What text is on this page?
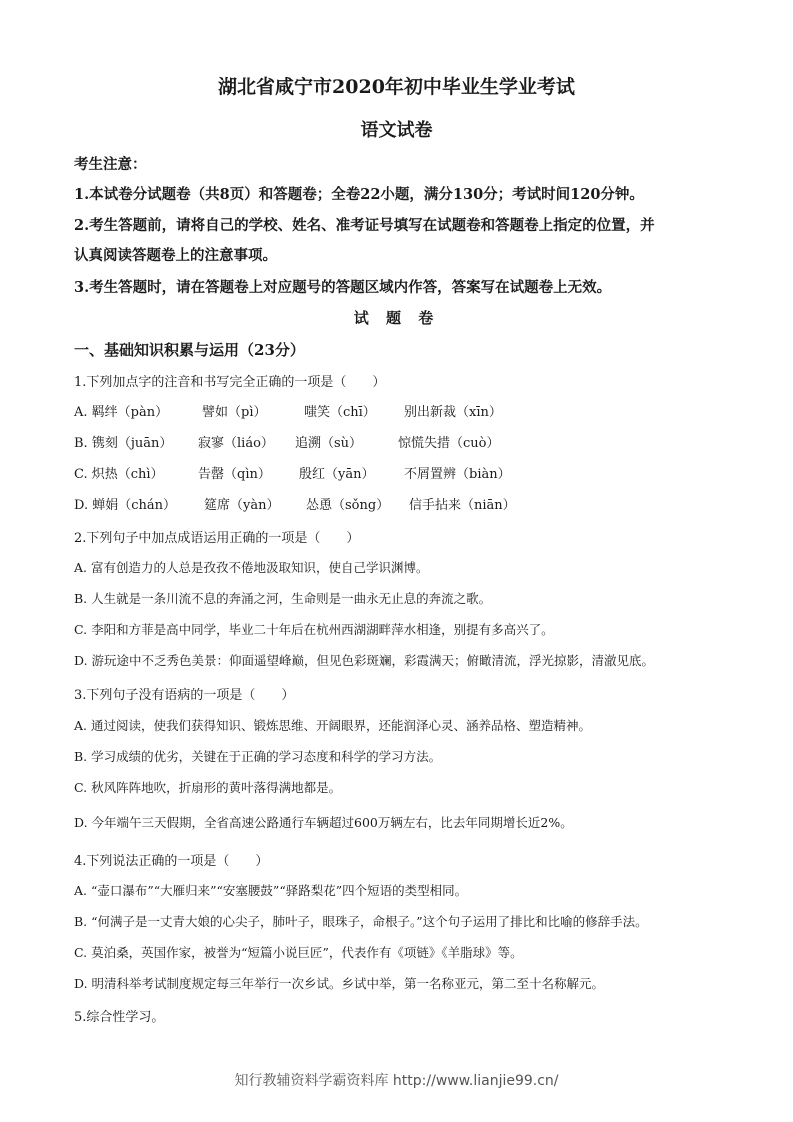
湖北省咸宁市2020年初中毕业生学业考试
语文试卷
考生注意：
1.本试卷分试题卷（共8页）和答题卷；全卷22小题，满分130分；考试时间120分钟。
2.考生答题前，请将自己的学校、姓名、准考证号填写在试题卷和答题卷上指定的位置，并
认真阅读答题卷上的注意事项。
3.考生答题时，请在答题卷上对应题号的答题区域内作答，答案写在试题卷上无效。
试 题 卷
一、基础知识积累与运用（23分）
1.下列加点字的注音和书写完全正确的一项是（　　）
A. 羁绊（pàn）	譬如（pì）	嗤笑（chī） 别出新裁（xīn）
B. 镌刻（juān） 寂寥（liáo） 追溯（sù）	惊慌失措（cuò）
C. 炽热（chì）	告罄（qìn） 殷红（yān） 不屑置辨（biàn）
D. 蝉娟（chán） 筵席（yàn） 怂恿（sǒng） 信手拈来（niān）
2.下列句子中加点成语运用正确的一项是（　　）
A. 富有创造力的人总是孜孜不倦地汲取知识，使自己学识渊博。
B. 人生就是一条川流不息的奔涌之河，生命则是一曲永无止息的奔流之歌。
C. 李阳和方菲是高中同学，毕业二十年后在杭州西湖湖畔萍水相逢，别提有多高兴了。
D. 游玩途中不乏秀色美景：仰面遥望峰巅，但见色彩斑斓，彩霞满天；俯瞰清流，浮光掠影，清澈见底。
3.下列句子没有语病的一项是（　　）
A. 通过阅读，使我们获得知识、锻炼思维、开阔眼界，还能润泽心灵、涵养品格、塑造精神。
B. 学习成绩的优劣，关键在于正确的学习态度和科学的学习方法。
C. 秋风阵阵地吹，折扇形的黄叶落得满地都是。
D. 今年端午三天假期，全省高速公路通行车辆超过600万辆左右，比去年同期增长近2%。
4.下列说法正确的一项是（　　）
A. “壶口瀑布”“大雁归来”“安塞腰鼓”“驿路梨花”四个短语的类型相同。
B. “何满子是一丈青大娘的心尖子，肺叶子，眼珠子，命根子。”这个句子运用了排比和比喻的修辞手法。
C. 莫泊桑，英国作家，被誉为“短篇小说巨匠”，代表作有《项链》《羊脂球》等。
D. 明清科举考试制度规定每三年举行一次乡试。乡试中举，第一名称亚元，第二至十名称解元。
5.综合性学习。
知行教辅资料学霸资料库 http://www.lianjie99.cn/
